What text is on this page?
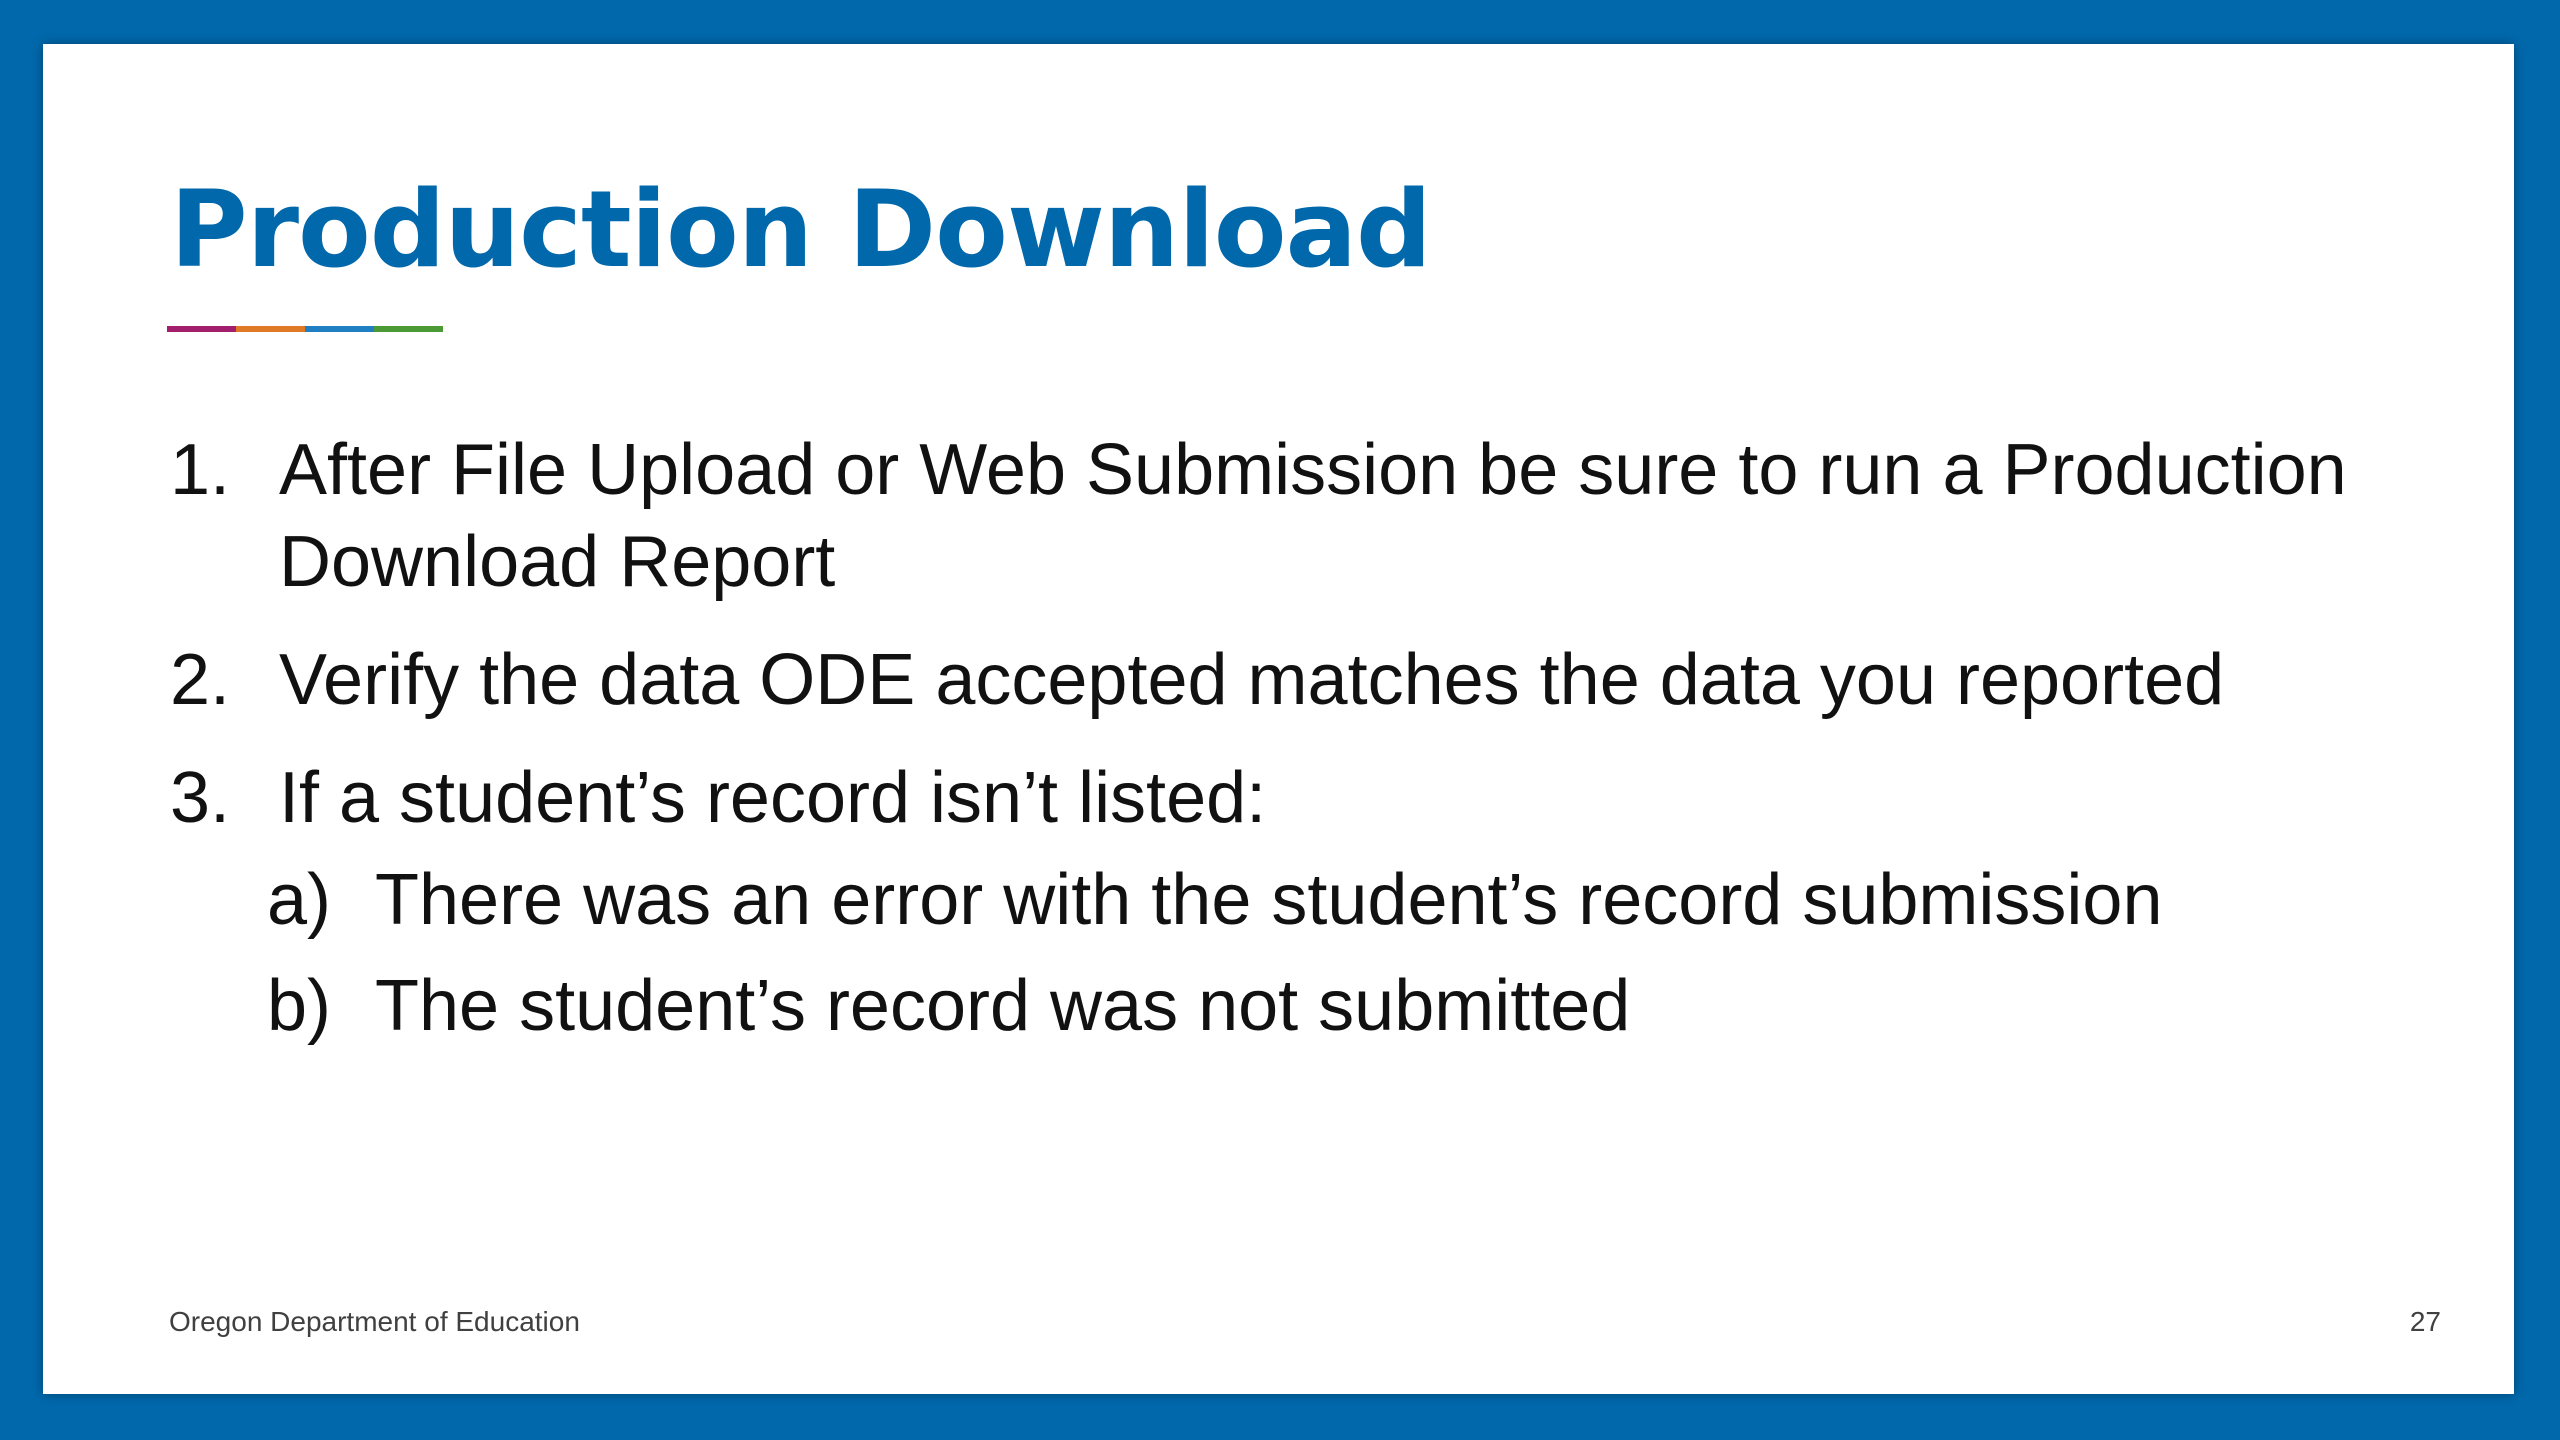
Production Download
1. After File Upload or Web Submission be sure to run a Production Download Report
2. Verify the data ODE accepted matches the data you reported
3. If a student’s record isn’t listed:
a) There was an error with the student’s record submission
b) The student’s record was not submitted
Oregon Department of Education	27
